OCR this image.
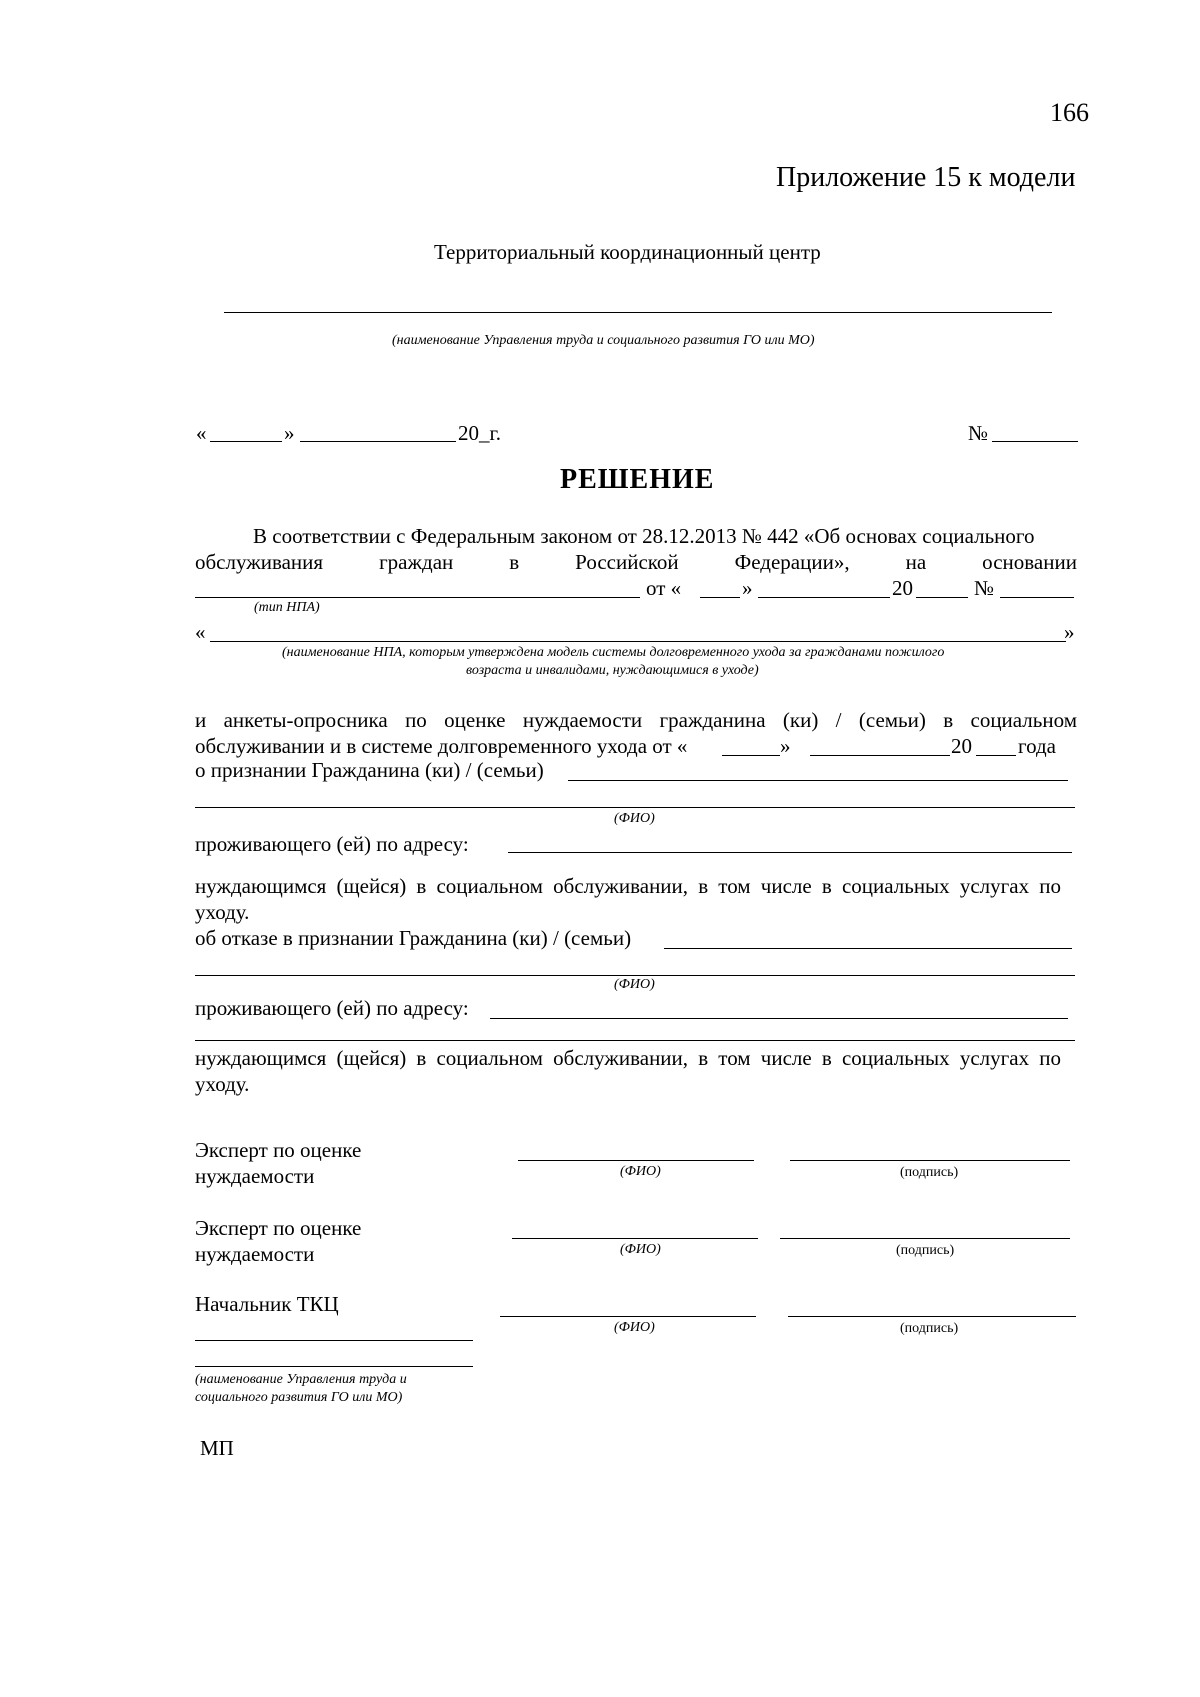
166
Приложение 15 к модели
Территориальный координационный центр
(наименование Управления труда и социального развития ГО или МО)
«	»	20_г.	№
РЕШЕНИЕ
В соответствии с Федеральным законом от 28.12.2013 № 442 «Об основах социального
обслуживания	граждан	в	Российской	Федерации»,	на	основании
от «	»	20	№
(тип НПА)
«	»
(наименование НПА, которым утверждена модель системы долговременного ухода за гражданами пожилого
возраста и инвалидами, нуждающимися в уходе)
и анкеты-опросника по оценке нуждаемости гражданина (ки) / (семьи) в социальном
обслуживании и в системе долговременного ухода от «	»	20 года
о признании Гражданина (ки) / (семьи)
(ФИО)
проживающего (ей) по адресу:
нуждающимся (щейся) в социальном обслуживании, в том числе в социальных услугах по
уходу.
об отказе в признании Гражданина (ки) / (семьи)
(ФИО)
проживающего (ей) по адресу:
нуждающимся (щейся) в социальном обслуживании, в том числе в социальных услугах по
уходу.
Эксперт по оценке
нуждаемости	(ФИО)	(подпись)
Эксперт по оценке
нуждаемости	(ФИО)	(подпись)
Начальник ТКЦ
(ФИО)	(подпись)
(наименование Управления труда и
социального развития ГО или МО)
МП
